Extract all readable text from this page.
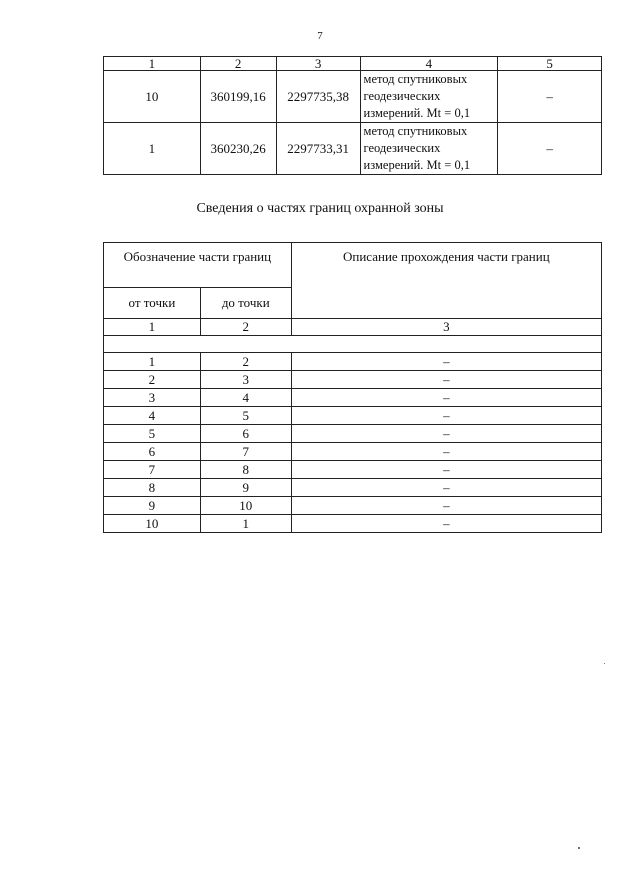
7
1	2	3	4	5
10	360199,16	2297735,38	метод спутниковых
геодезических
измерений. Mt = 0,1	–
1	360230,26	2297733,31	метод спутниковых
геодезических
измерений. Mt = 0,1	–
Сведения о частях границ охранной зоны
Обозначение части границ		Описание прохождения части границ
от точки	до точки	
1	2	3

1	2	–
2	3	–
3	4	–
4	5	–
5	6	–
6	7	–
7	8	–
8	9	–
9	10	–
10	1	–
